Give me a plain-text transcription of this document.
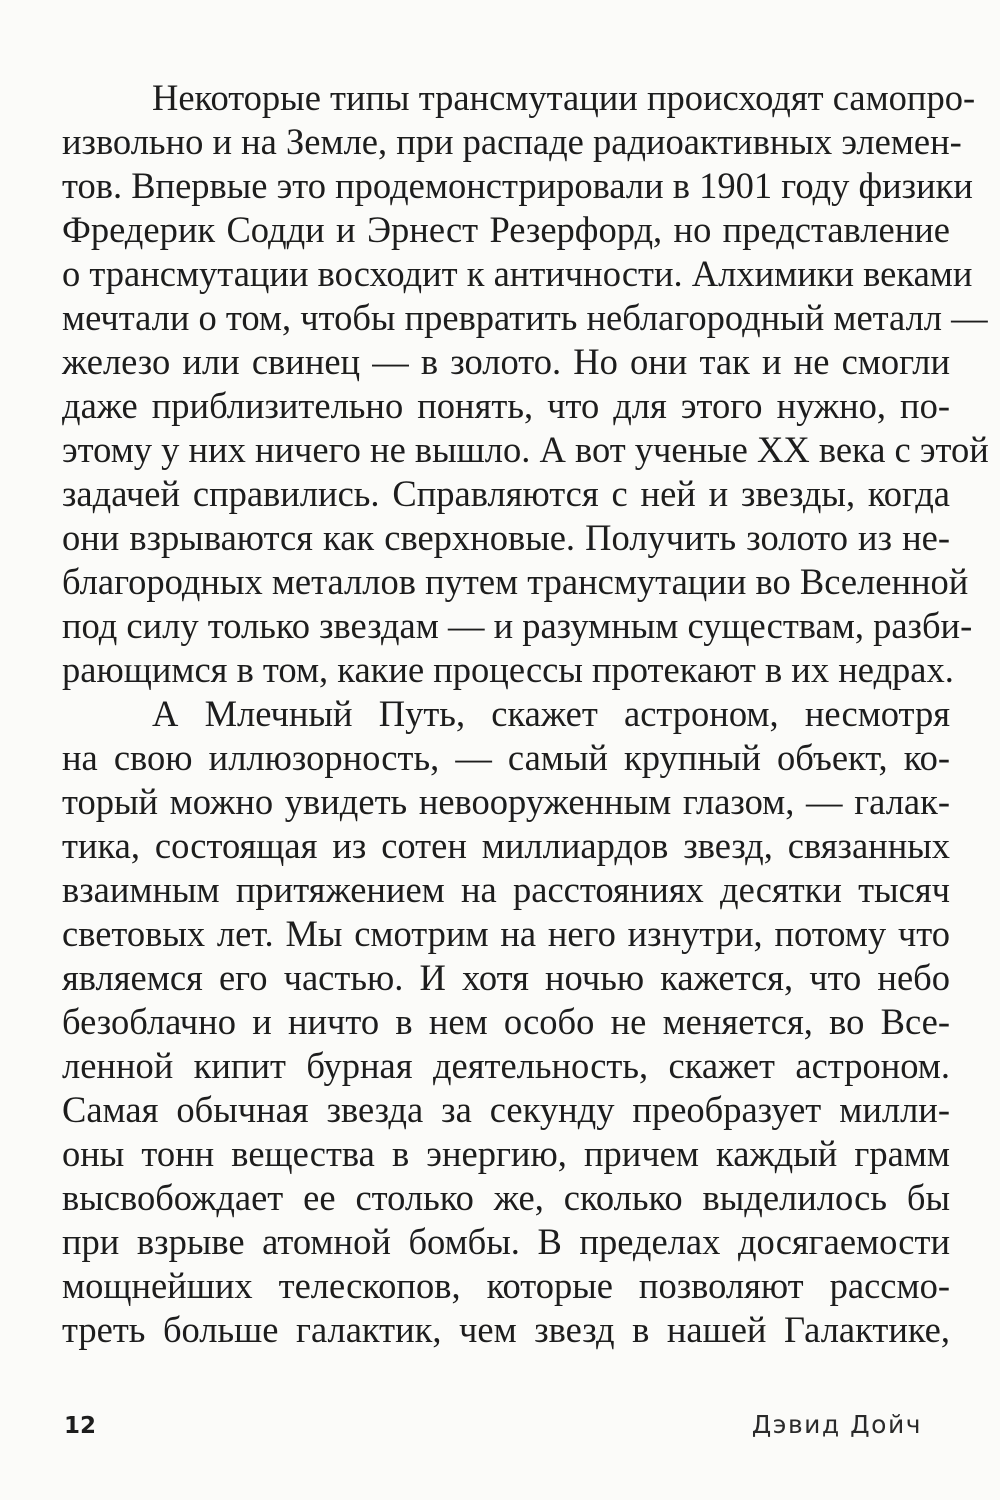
Некоторые типы трансмутации происходят самопро-
извольно и на Земле, при распаде радиоактивных элемен-
тов. Впервые это продемонстрировали в 1901 году физики
Фредерик Содди и Эрнест Резерфорд, но представление
о трансмутации восходит к античности. Алхимики веками
мечтали о том, чтобы превратить неблагородный металл —
железо или свинец — в золото. Но они так и не смогли
даже приблизительно понять, что для этого нужно, по-
этому у них ничего не вышло. А вот ученые XX века с этой
задачей справились. Справляются с ней и звезды, когда
они взрываются как сверхновые. Получить золото из не-
благородных металлов путем трансмутации во Вселенной
под силу только звездам — и разумным существам, разби-
рающимся в том, какие процессы протекают в их недрах.
А Млечный Путь, скажет астроном, несмотря
на свою иллюзорность, — самый крупный объект, ко-
торый можно увидеть невооруженным глазом, — галак-
тика, состоящая из сотен миллиардов звезд, связанных
взаимным притяжением на расстояниях десятки тысяч
световых лет. Мы смотрим на него изнутри, потому что
являемся его частью. И хотя ночью кажется, что небо
безоблачно и ничто в нем особо не меняется, во Все-
ленной кипит бурная деятельность, скажет астроном.
Самая обычная звезда за секунду преобразует милли-
оны тонн вещества в энергию, причем каждый грамм
высвобождает ее столько же, сколько выделилось бы
при взрыве атомной бомбы. В пределах досягаемости
мощнейших телескопов, которые позволяют рассмо-
треть больше галактик, чем звезд в нашей Галактике,
12	Дэвид Дойч
